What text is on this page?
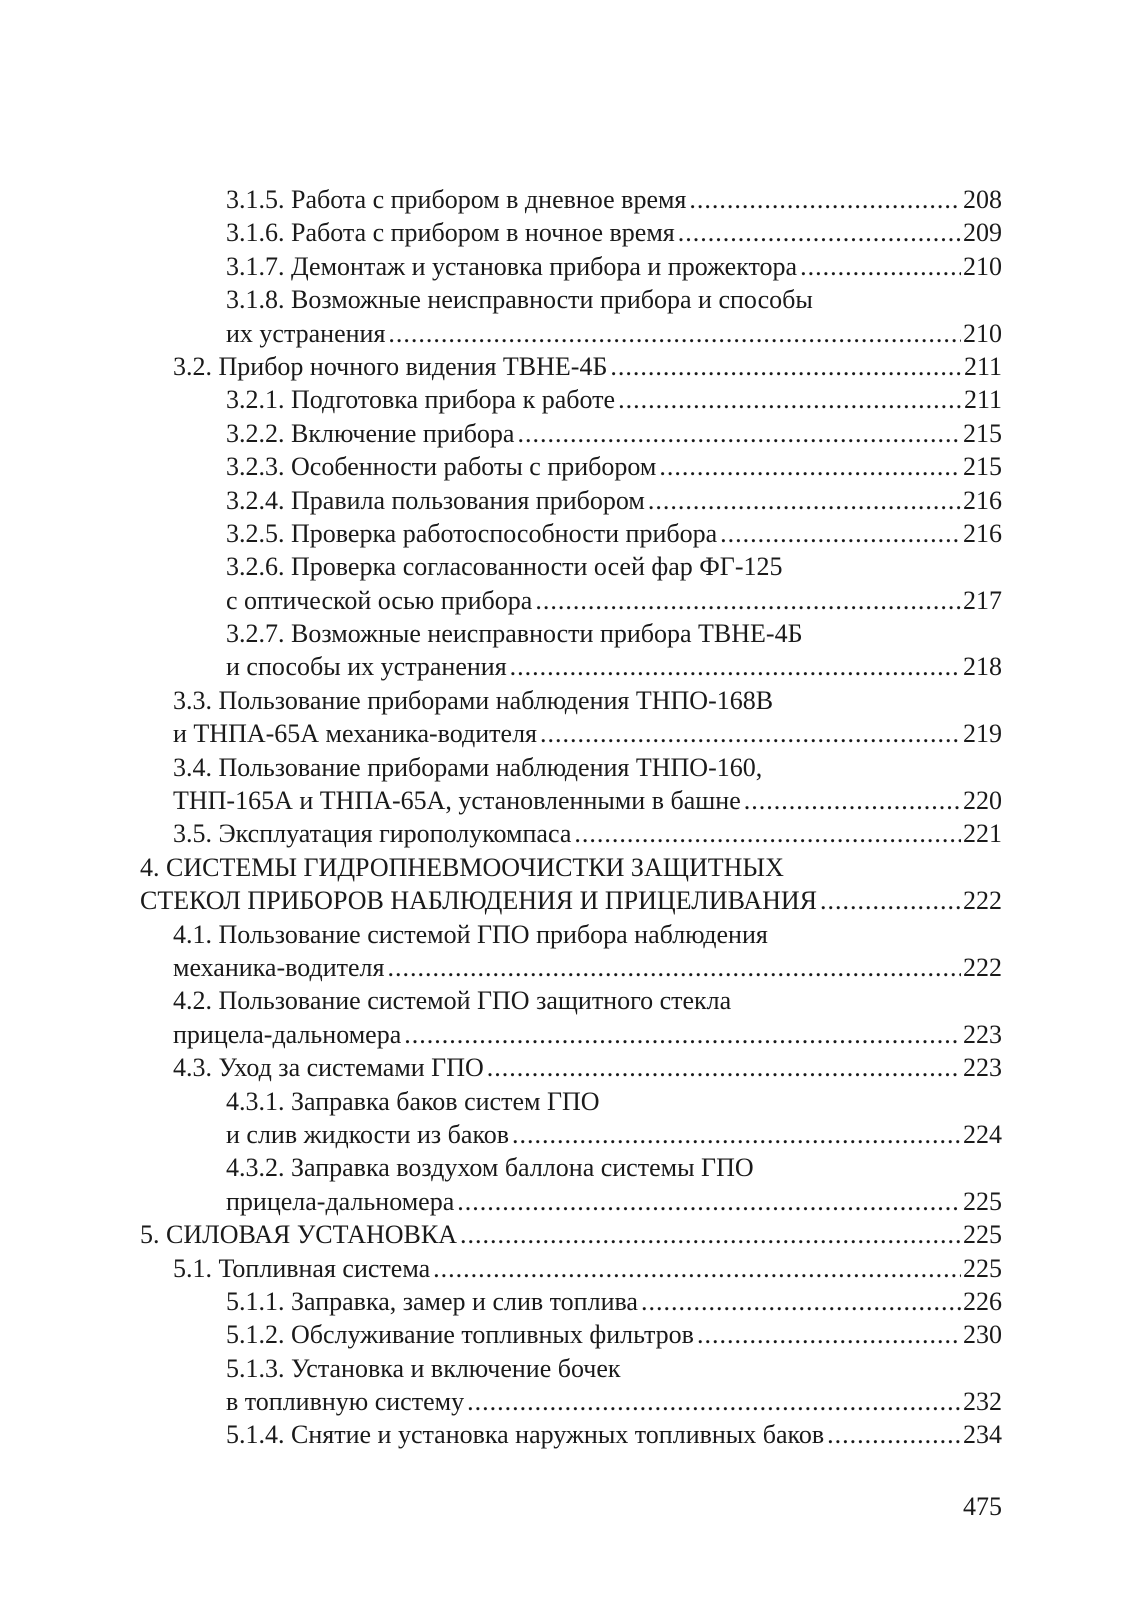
3.1.5. Работа с прибором в дневное время .....	208
3.1.6. Работа с прибором в ночное время .....	209
3.1.7. Демонтаж и установка прибора и прожектора .....	210
3.1.8. Возможные неисправности прибора и способы
их устранения .....	210
3.2. Прибор ночного видения ТВНЕ-4Б .....	211
3.2.1. Подготовка прибора к работе .....	211
3.2.2. Включение прибора .....	215
3.2.3. Особенности работы с прибором .....	215
3.2.4. Правила пользования прибором .....	216
3.2.5. Проверка работоспособности прибора .....	216
3.2.6. Проверка согласованности осей фар ФГ-125
с оптической осью прибора .....	217
3.2.7. Возможные неисправности прибора ТВНЕ-4Б
и способы их устранения .....	218
3.3. Пользование приборами наблюдения ТНПО-168В
и ТНПА-65А механика-водителя .....	219
3.4. Пользование приборами наблюдения ТНПО-160,
ТНП-165А и ТНПА-65А, установленными в башне .....	220
3.5. Эксплуатация гирополукомпаса .....	221
4. СИСТЕМЫ ГИДРОПНЕВМООЧИСТКИ ЗАЩИТНЫХ
СТЕКОЛ ПРИБОРОВ НАБЛЮДЕНИЯ И ПРИЦЕЛИВАНИЯ .....	222
4.1. Пользование системой ГПО прибора наблюдения
механика-водителя .....	222
4.2. Пользование системой ГПО защитного стекла
прицела-дальномера .....	223
4.3. Уход за системами ГПО .....	223
4.3.1. Заправка баков систем ГПО
и слив жидкости из баков .....	224
4.3.2. Заправка воздухом баллона системы ГПО
прицела-дальномера .....	225
5. СИЛОВАЯ УСТАНОВКА .....	225
5.1. Топливная система .....	225
5.1.1. Заправка, замер и слив топлива .....	226
5.1.2. Обслуживание топливных фильтров .....	230
5.1.3. Установка и включение бочек
в топливную систему .....	232
5.1.4. Снятие и установка наружных топливных баков .....	234
475
